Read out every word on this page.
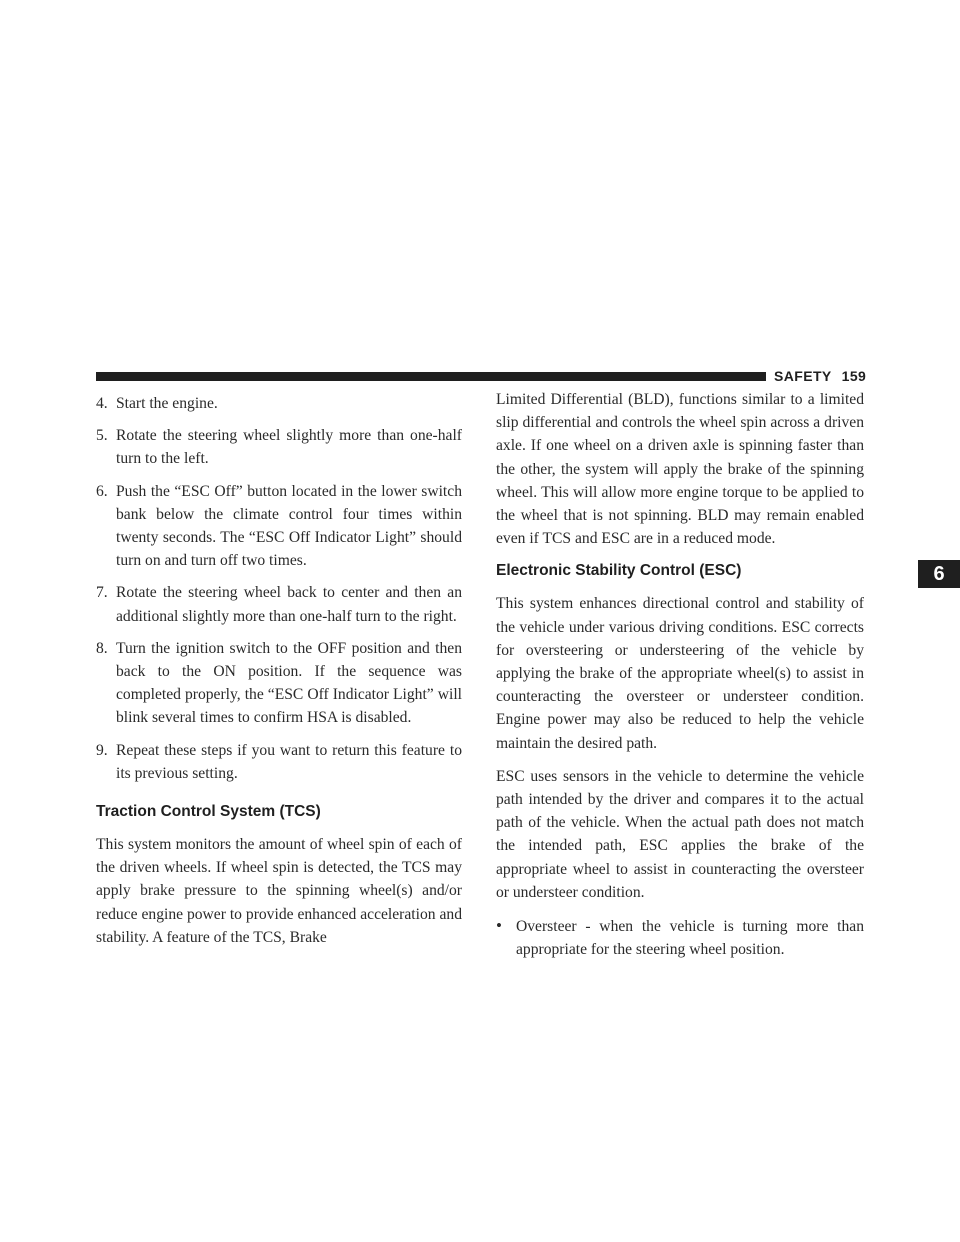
SAFETY 159
6
4. Start the engine.
5. Rotate the steering wheel slightly more than one-half turn to the left.
6. Push the “ESC Off” button located in the lower switch bank below the climate control four times within twenty seconds. The “ESC Off Indicator Light” should turn on and turn off two times.
7. Rotate the steering wheel back to center and then an additional slightly more than one-half turn to the right.
8. Turn the ignition switch to the OFF position and then back to the ON position. If the sequence was completed properly, the “ESC Off Indicator Light” will blink several times to confirm HSA is disabled.
9. Repeat these steps if you want to return this feature to its previous setting.
Traction Control System (TCS)
This system monitors the amount of wheel spin of each of the driven wheels. If wheel spin is detected, the TCS may apply brake pressure to the spinning wheel(s) and/or reduce engine power to provide enhanced acceleration and stability. A feature of the TCS, Brake
Limited Differential (BLD), functions similar to a limited slip differential and controls the wheel spin across a driven axle. If one wheel on a driven axle is spinning faster than the other, the system will apply the brake of the spinning wheel. This will allow more engine torque to be applied to the wheel that is not spinning. BLD may remain enabled even if TCS and ESC are in a reduced mode.
Electronic Stability Control (ESC)
This system enhances directional control and stability of the vehicle under various driving conditions. ESC corrects for oversteering or understeering of the vehicle by applying the brake of the appropriate wheel(s) to assist in counteracting the oversteer or understeer condition. Engine power may also be reduced to help the vehicle maintain the desired path.
ESC uses sensors in the vehicle to determine the vehicle path intended by the driver and compares it to the actual path of the vehicle. When the actual path does not match the intended path, ESC applies the brake of the appropriate wheel to assist in counteracting the oversteer or understeer condition.
• Oversteer - when the vehicle is turning more than appropriate for the steering wheel position.
